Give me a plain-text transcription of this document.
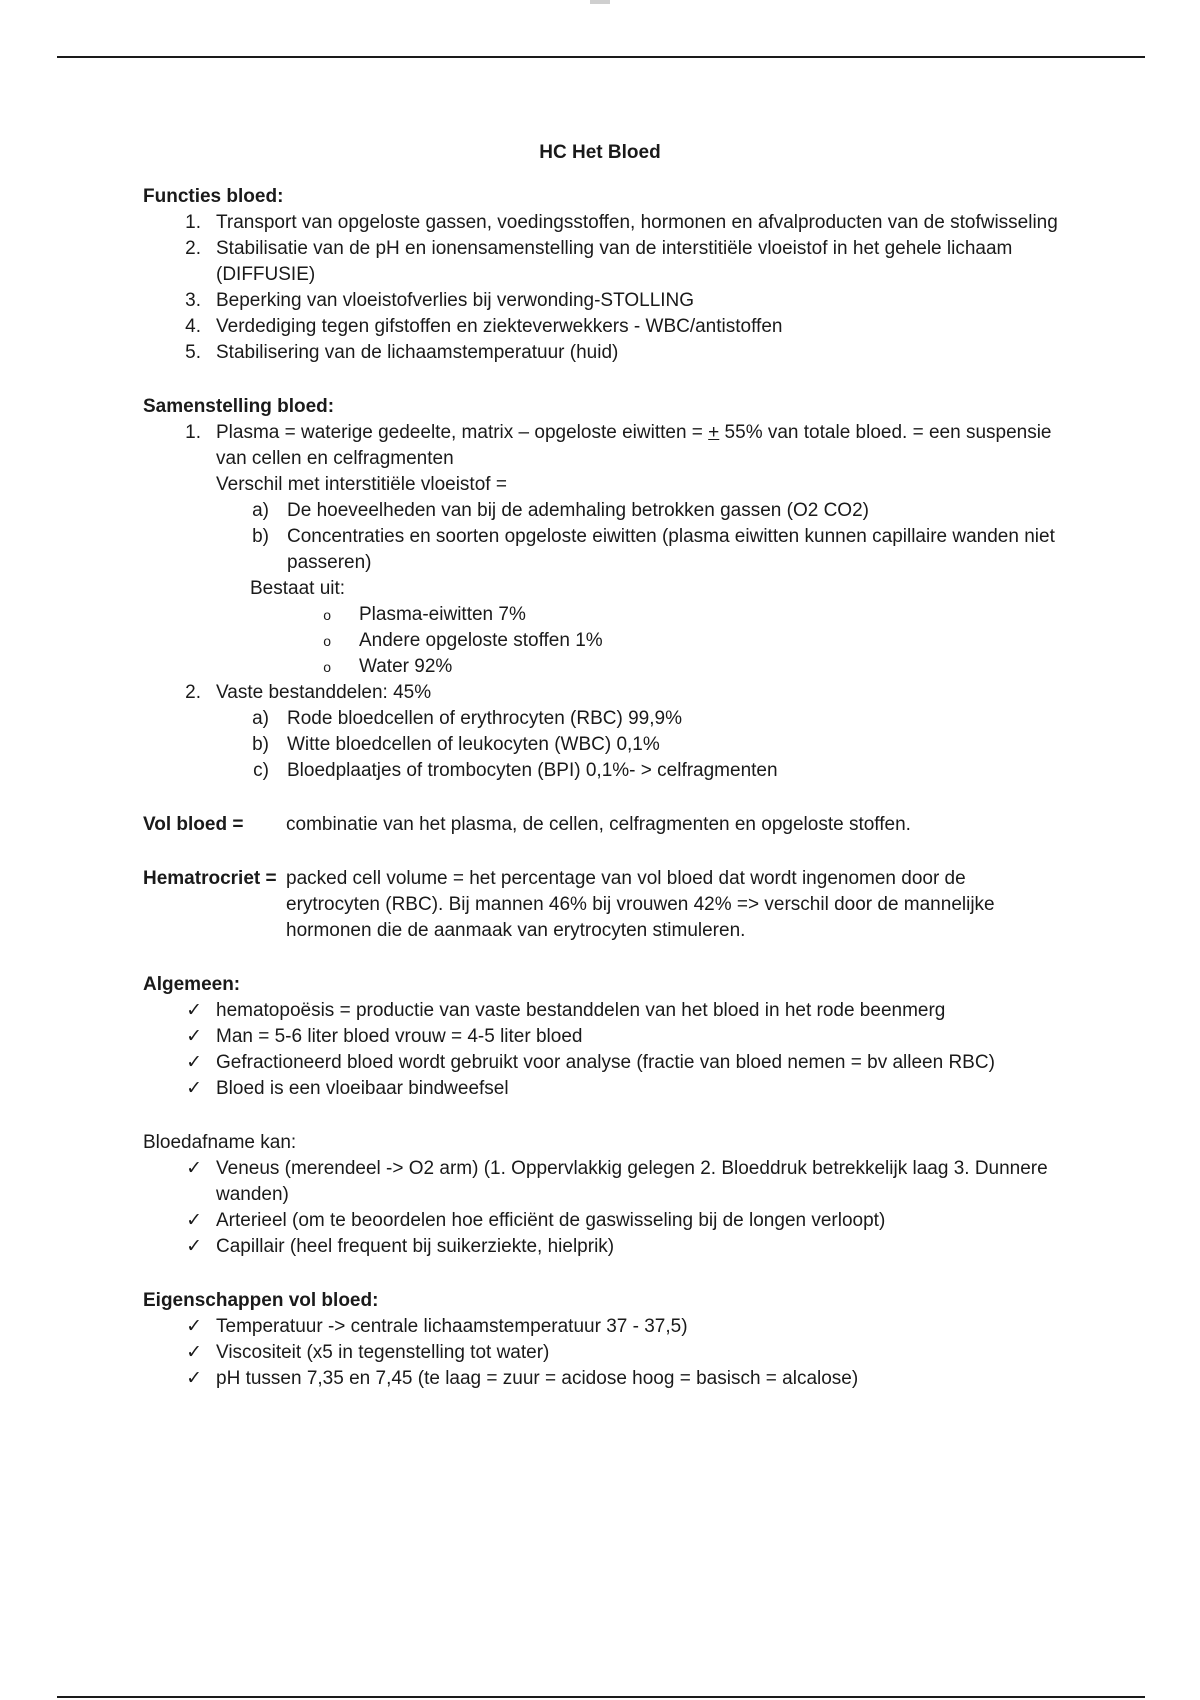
HC Het Bloed
Functies bloed:
1. Transport van opgeloste gassen, voedingsstoffen, hormonen en afvalproducten van de stofwisseling
2. Stabilisatie van de pH en ionensamenstelling van de interstitiële vloeistof in het gehele lichaam (DIFFUSIE)
3. Beperking van vloeistofverlies bij verwonding-STOLLING
4. Verdediging tegen gifstoffen en ziekteverwekkers - WBC/antistoffen
5. Stabilisering van de lichaamstemperatuur (huid)
Samenstelling bloed:
1. Plasma = waterige gedeelte, matrix – opgeloste eiwitten = + 55% van totale bloed. = een suspensie van cellen en celfragmenten
Verschil met interstitiële vloeistof =
a) De hoeveelheden van bij de ademhaling betrokken gassen (O2 CO2)
b) Concentraties en soorten opgeloste eiwitten (plasma eiwitten kunnen capillaire wanden niet passeren)
Bestaat uit:
o	Plasma-eiwitten 7%
o	Andere opgeloste stoffen 1%
o	Water 92%
2. Vaste bestanddelen: 45%
a) Rode bloedcellen of erythrocyten (RBC) 99,9%
b) Witte bloedcellen of leukocyten (WBC) 0,1%
c) Bloedplaatjes of trombocyten (BPI) 0,1%- > celfragmenten
Vol bloed =	combinatie van het plasma, de cellen, celfragmenten en opgeloste stoffen.
Hematrocriet = packed cell volume = het percentage van vol bloed dat wordt ingenomen door de erytrocyten (RBC). Bij mannen 46% bij vrouwen 42% => verschil door de mannelijke hormonen die de aanmaak van erytrocyten stimuleren.
Algemeen:
✓ hematopoësis = productie van vaste bestanddelen van het bloed in het rode beenmerg
✓ Man = 5-6 liter bloed vrouw = 4-5 liter bloed
✓ Gefractioneerd bloed wordt gebruikt voor analyse (fractie van bloed nemen = bv alleen RBC)
✓ Bloed is een vloeibaar bindweefsel
Bloedafname kan:
✓ Veneus (merendeel -> O2 arm) (1. Oppervlakkig gelegen 2. Bloeddruk betrekkelijk laag 3. Dunnere wanden)
✓ Arterieel (om te beoordelen hoe efficiënt de gaswisseling bij de longen verloopt)
✓ Capillair (heel frequent bij suikerziekte, hielprik)
Eigenschappen vol bloed:
✓ Temperatuur -> centrale lichaamstemperatuur 37 - 37,5)
✓ Viscositeit (x5 in tegenstelling tot water)
✓ pH tussen 7,35 en 7,45 (te laag = zuur = acidose hoog = basisch = alcalose)
